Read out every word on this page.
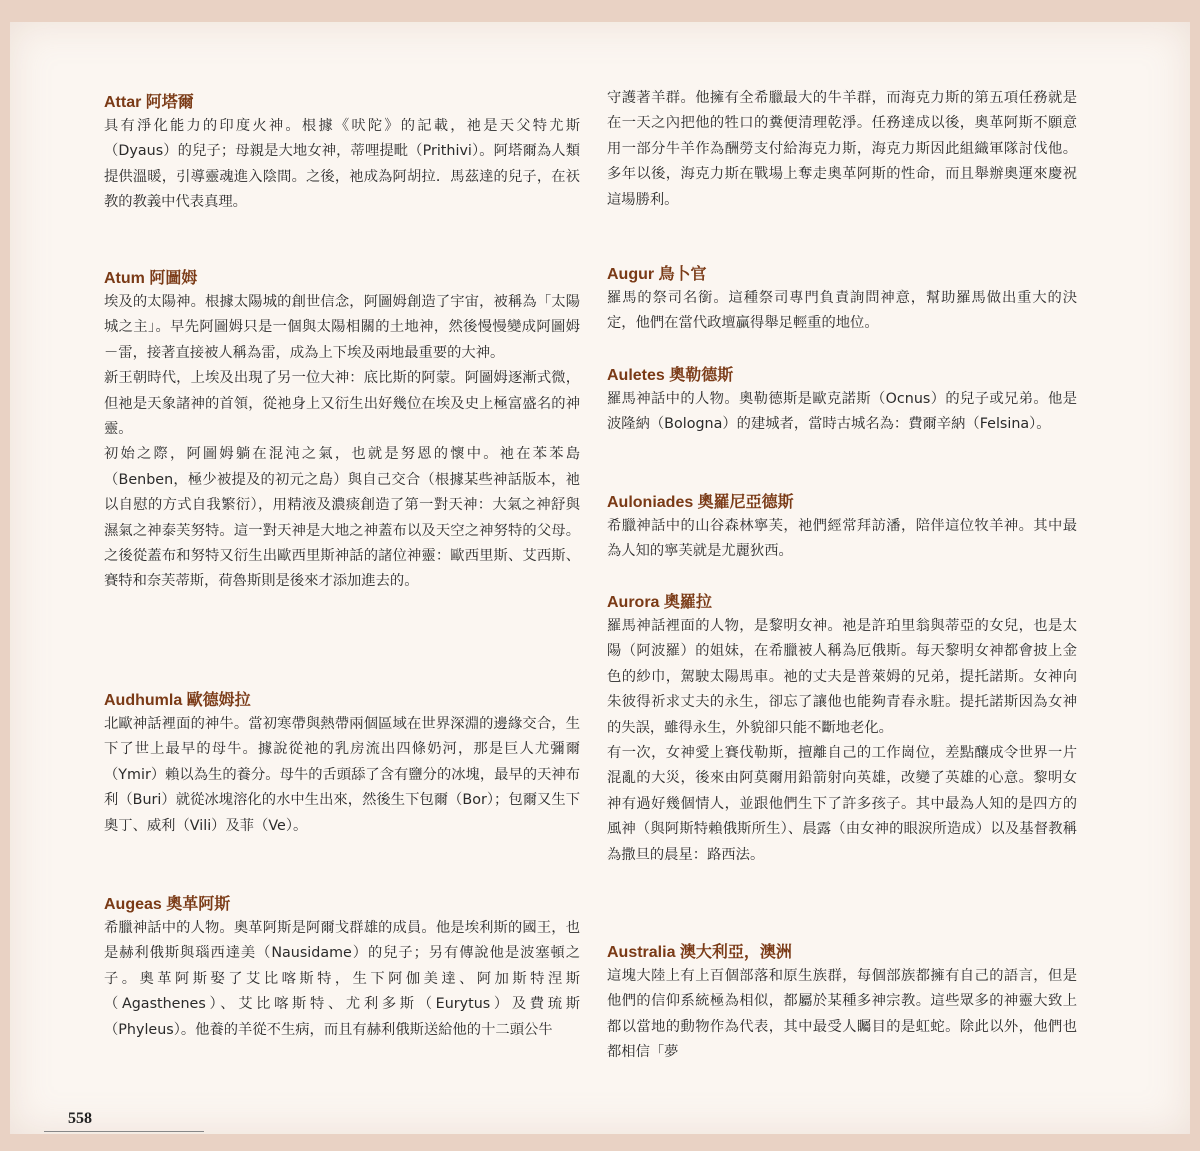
Attar 阿塔爾

具有淨化能力的印度火神。根據《吠陀》的記載，祂是天父特尤斯（Dyaus）的兒子；母親是大地女神，蒂哩提毗（Prithivi）。阿塔爾為人類提供溫暖，引導靈魂進入陰間。之後，祂成為阿胡拉．馬茲達的兒子，在祆教的教義中代表真理。

Atum 阿圖姆

埃及的太陽神。根據太陽城的創世信念，阿圖姆創造了宇宙，被稱為「太陽城之主」。早先阿圖姆只是一個與太陽相關的土地神，然後慢慢變成阿圖姆－雷，接著直接被人稱為雷，成為上下埃及兩地最重要的大神。

新王朝時代，上埃及出現了另一位大神：底比斯的阿蒙。阿圖姆逐漸式微，但祂是天象諸神的首領，從祂身上又衍生出好幾位在埃及史上極富盛名的神靈。

初始之際，阿圖姆躺在混沌之氣，也就是努恩的懷中。祂在苯苯島（Benben，極少被提及的初元之島）與自己交合（根據某些神話版本，祂以自慰的方式自我繁衍），用精液及濃痰創造了第一對天神：大氣之神舒與濕氣之神泰芙努特。這一對天神是大地之神蓋布以及天空之神努特的父母。之後從蓋布和努特又衍生出歐西里斯神話的諸位神靈：歐西里斯、艾西斯、賽特和奈芙蒂斯，荷魯斯則是後來才添加進去的。

Audhumla 歐德姆拉

北歐神話裡面的神牛。當初寒帶與熱帶兩個區域在世界深淵的邊緣交合，生下了世上最早的母牛。據說從祂的乳房流出四條奶河，那是巨人尤彌爾（Ymir）賴以為生的養分。母牛的舌頭舔了含有鹽分的冰塊，最早的天神布利（Buri）就從冰塊溶化的水中生出來，然後生下包爾（Bor）；包爾又生下奧丁、威利（Vili）及菲（Ve）。

Augeas 奧革阿斯

希臘神話中的人物。奧革阿斯是阿爾戈群雄的成員。他是埃利斯的國王，也是赫利俄斯與瑙西達美（Nausidame）的兒子；另有傳說他是波塞頓之子。奧革阿斯娶了艾比喀斯特，生下阿伽美達、阿加斯特涅斯（Agasthenes）、艾比喀斯特、尤利多斯（Eurytus）及費琉斯（Phyleus）。他養的羊從不生病，而且有赫利俄斯送給他的十二頭公牛

守護著羊群。他擁有全希臘最大的牛羊群，而海克力斯的第五項任務就是在一天之內把他的牲口的糞便清理乾淨。任務達成以後，奧革阿斯不願意用一部分牛羊作為酬勞支付給海克力斯，海克力斯因此組織軍隊討伐他。多年以後，海克力斯在戰場上奪走奧革阿斯的性命，而且舉辦奧運來慶祝這場勝利。

Augur 鳥卜官

羅馬的祭司名銜。這種祭司專門負責詢問神意，幫助羅馬做出重大的決定，他們在當代政壇贏得舉足輕重的地位。

Auletes 奧勒德斯

羅馬神話中的人物。奧勒德斯是歐克諾斯（Ocnus）的兒子或兄弟。他是波隆納（Bologna）的建城者，當時古城名為：費爾辛納（Felsina）。

Auloniades 奧羅尼亞德斯

希臘神話中的山谷森林寧芙，祂們經常拜訪潘，陪伴這位牧羊神。其中最為人知的寧芙就是尤麗狄西。

Aurora 奧羅拉

羅馬神話裡面的人物，是黎明女神。祂是許珀里翁與蒂亞的女兒，也是太陽（阿波羅）的姐妹，在希臘被人稱為厄俄斯。每天黎明女神都會披上金色的紗巾，駕駛太陽馬車。祂的丈夫是普萊姆的兄弟，提托諾斯。女神向朱彼得祈求丈夫的永生，卻忘了讓他也能夠青春永駐。提托諾斯因為女神的失誤，雖得永生，外貌卻只能不斷地老化。

有一次，女神愛上賽伐勒斯，擅離自己的工作崗位，差點釀成令世界一片混亂的大災，後來由阿莫爾用鉛箭射向英雄，改變了英雄的心意。黎明女神有過好幾個情人，並跟他們生下了許多孩子。其中最為人知的是四方的風神（與阿斯特賴俄斯所生）、晨露（由女神的眼淚所造成）以及基督教稱為撒旦的晨星：路西法。

Australia 澳大利亞，澳洲

這塊大陸上有上百個部落和原生族群，每個部族都擁有自己的語言，但是他們的信仰系統極為相似，都屬於某種多神宗教。這些眾多的神靈大致上都以當地的動物作為代表，其中最受人矚目的是虹蛇。除此以外，他們也都相信「夢

558
